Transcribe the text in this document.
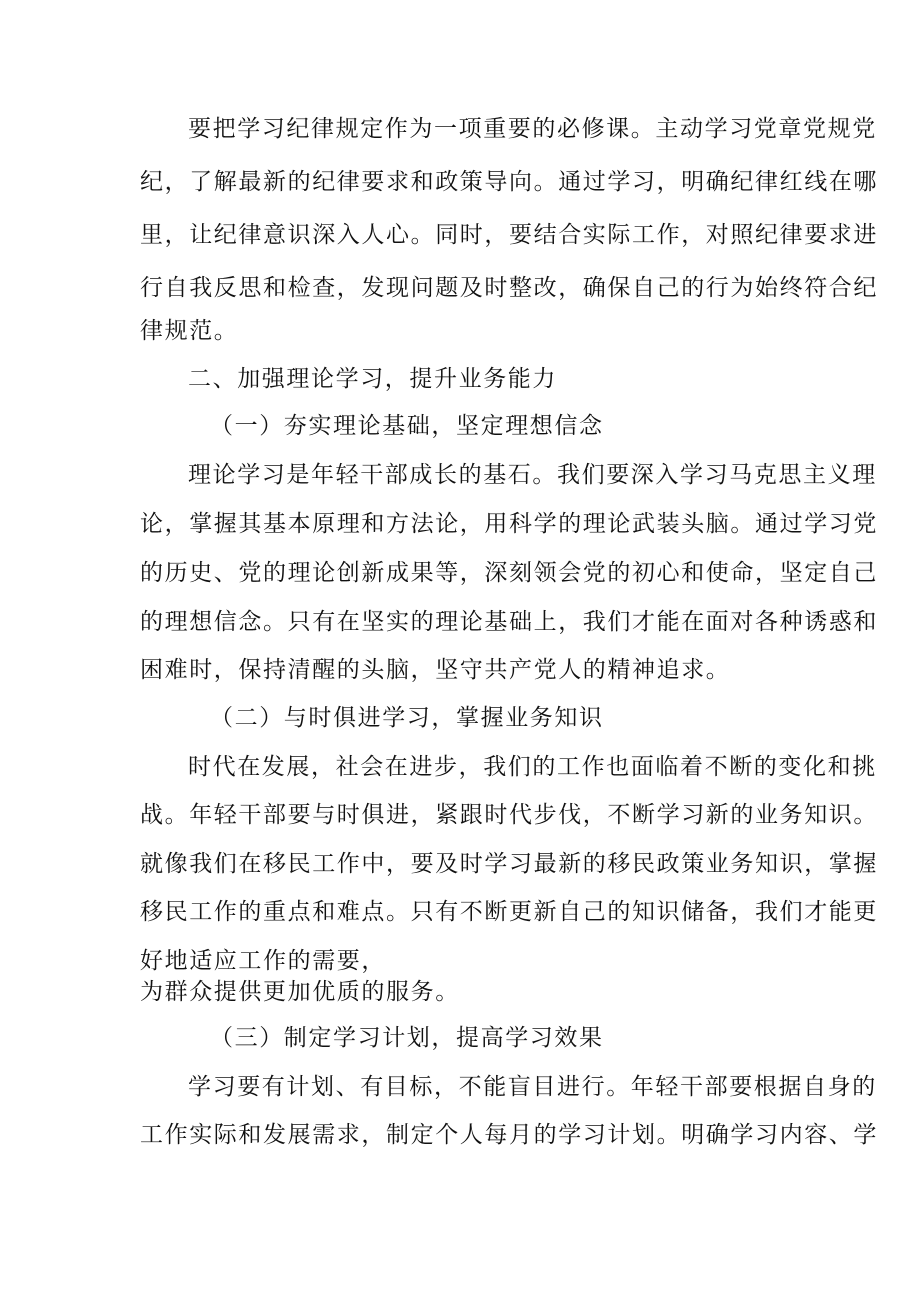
要把学习纪律规定作为一项重要的必修课。主动学习党章党规党
纪，了解最新的纪律要求和政策导向。通过学习，明确纪律红线在哪
里，让纪律意识深入人心。同时，要结合实际工作，对照纪律要求进
行自我反思和检查，发现问题及时整改，确保自己的行为始终符合纪
律规范。
二、加强理论学习，提升业务能力
（一）夯实理论基础，坚定理想信念
理论学习是年轻干部成长的基石。我们要深入学习马克思主义理
论，掌握其基本原理和方法论，用科学的理论武装头脑。通过学习党
的历史、党的理论创新成果等，深刻领会党的初心和使命，坚定自己
的理想信念。只有在坚实的理论基础上，我们才能在面对各种诱惑和
困难时，保持清醒的头脑，坚守共产党人的精神追求。
（二）与时俱进学习，掌握业务知识
时代在发展，社会在进步，我们的工作也面临着不断的变化和挑
战。年轻干部要与时俱进，紧跟时代步伐，不断学习新的业务知识。
就像我们在移民工作中，要及时学习最新的移民政策业务知识，掌握
移民工作的重点和难点。只有不断更新自己的知识储备，我们才能更
好地适应工作的需要，
为群众提供更加优质的服务。
（三）制定学习计划，提高学习效果
学习要有计划、有目标，不能盲目进行。年轻干部要根据自身的
工作实际和发展需求，制定个人每月的学习计划。明确学习内容、学
